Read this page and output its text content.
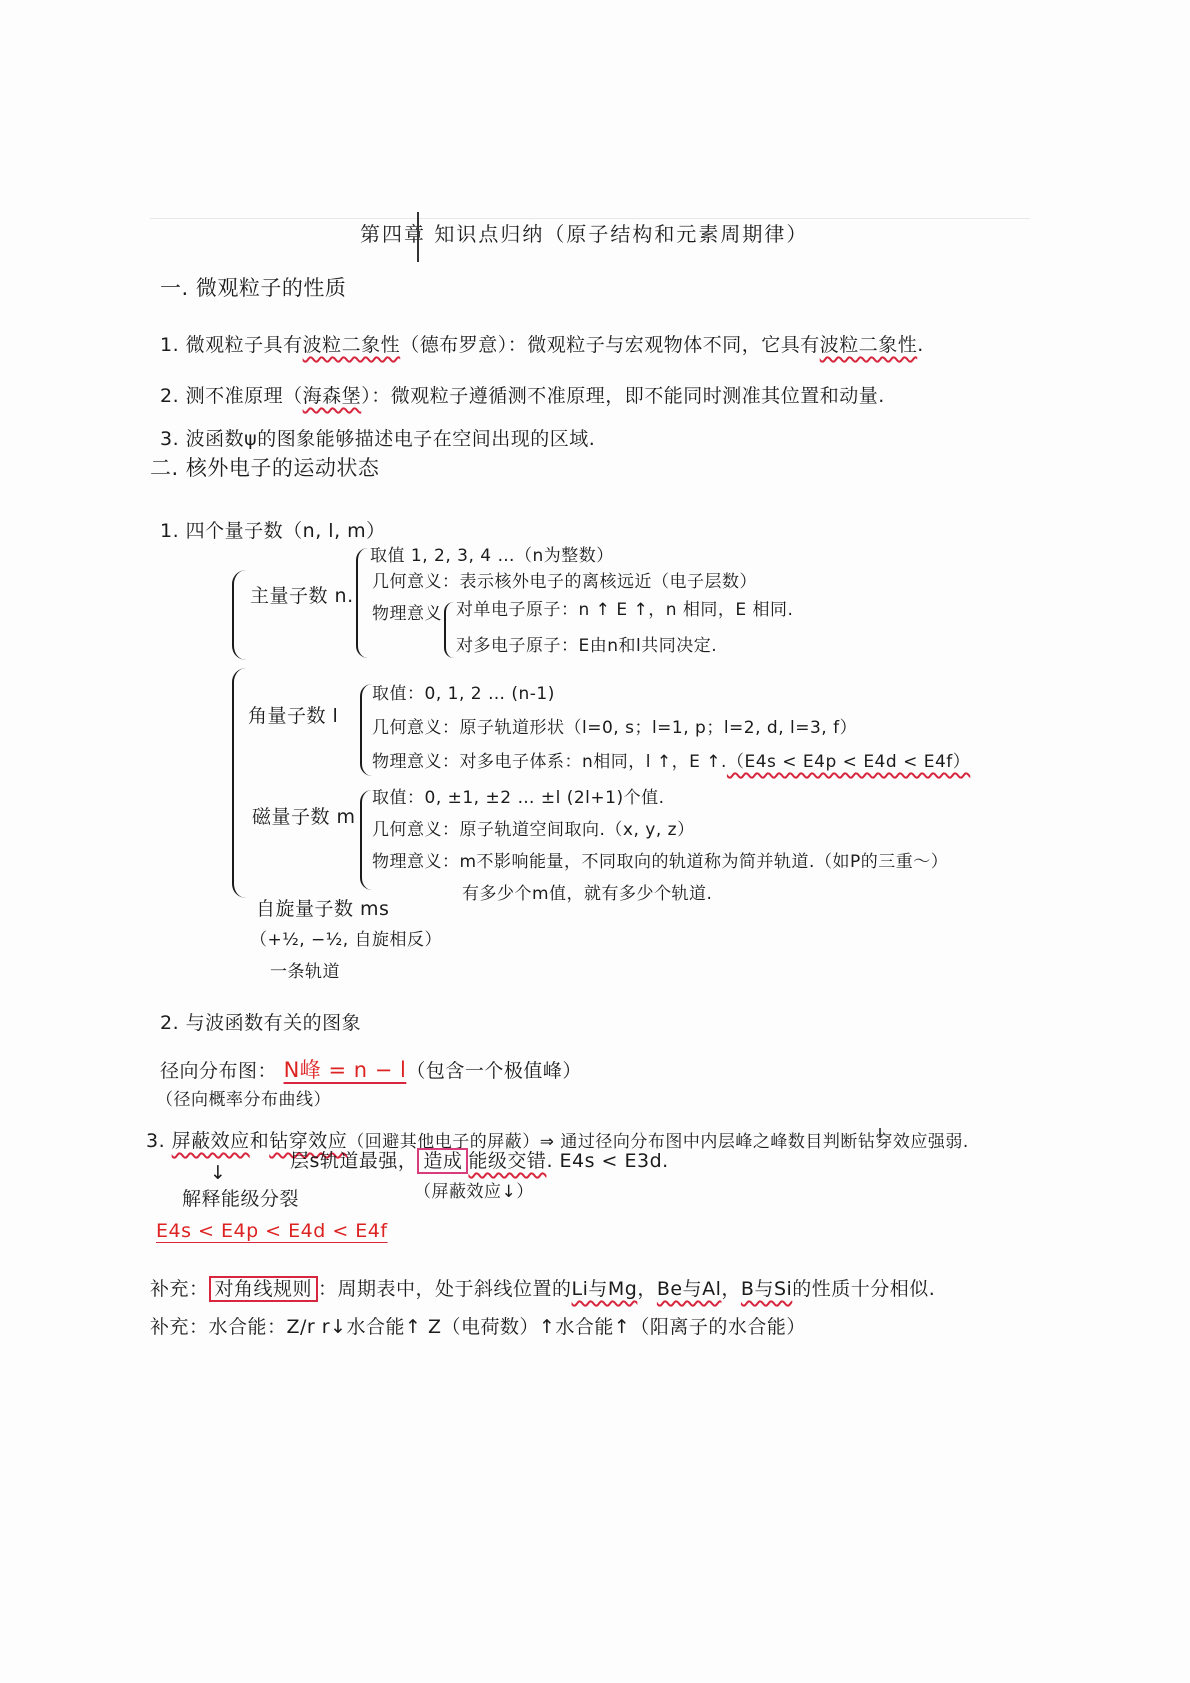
第四章 知识点归纳（原子结构和元素周期律）
一. 微观粒子的性质
1. 微观粒子具有波粒二象性（德布罗意）：微观粒子与宏观物体不同，它具有波粒二象性.
2. 测不准原理（海森堡）：微观粒子遵循测不准原理，即不能同时测准其位置和动量.
3. 波函数ψ的图象能够描述电子在空间出现的区域.
二. 核外电子的运动状态
1. 四个量子数（n, l, m）
主量子数 n.
取值 1, 2, 3, 4 …（n为整数）
几何意义：表示核外电子的离核远近（电子层数）
物理意义 对单电子原子：n ↑ E ↑，n 相同，E 相同.
对多电子原子：E由n和l共同决定.
角量子数 l
取值：0, 1, 2 … (n-1)
几何意义：原子轨道形状（l=0, s；l=1, p；l=2, d, l=3, f）
物理意义：对多电子体系：n相同，l ↑，E ↑.（E4s < E4p < E4d < E4f）
磁量子数 m
取值：0, ±1, ±2 … ±l (2l+1)个值.
几何意义：原子轨道空间取向.（x, y, z）
物理意义：m不影响能量，不同取向的轨道称为简并轨道.（如P的三重～）
有多少个m值，就有多少个轨道.
自旋量子数 ms
（+½, −½, 自旋相反）
一条轨道
2. 与波函数有关的图象
径向分布图： N峰 = n − l（包含一个极值峰）
（径向概率分布曲线）
3. 屏蔽效应和钻穿效应（回避其他电子的屏蔽）⇒ 通过径向分布图中内层峰之峰数目判断钻穿效应强弱.
层s轨道最强， 造成 能级交错. E4s < E3d.
↓
（屏蔽效应↓）
解释能级分裂
E4s < E4p < E4d < E4f
补充： 对角线规则 ：周期表中，处于斜线位置的Li与Mg，Be与Al，B与Si的性质十分相似.
补充：水合能：Z/r r↓水合能↑ Z（电荷数）↑水合能↑（阳离子的水合能）
